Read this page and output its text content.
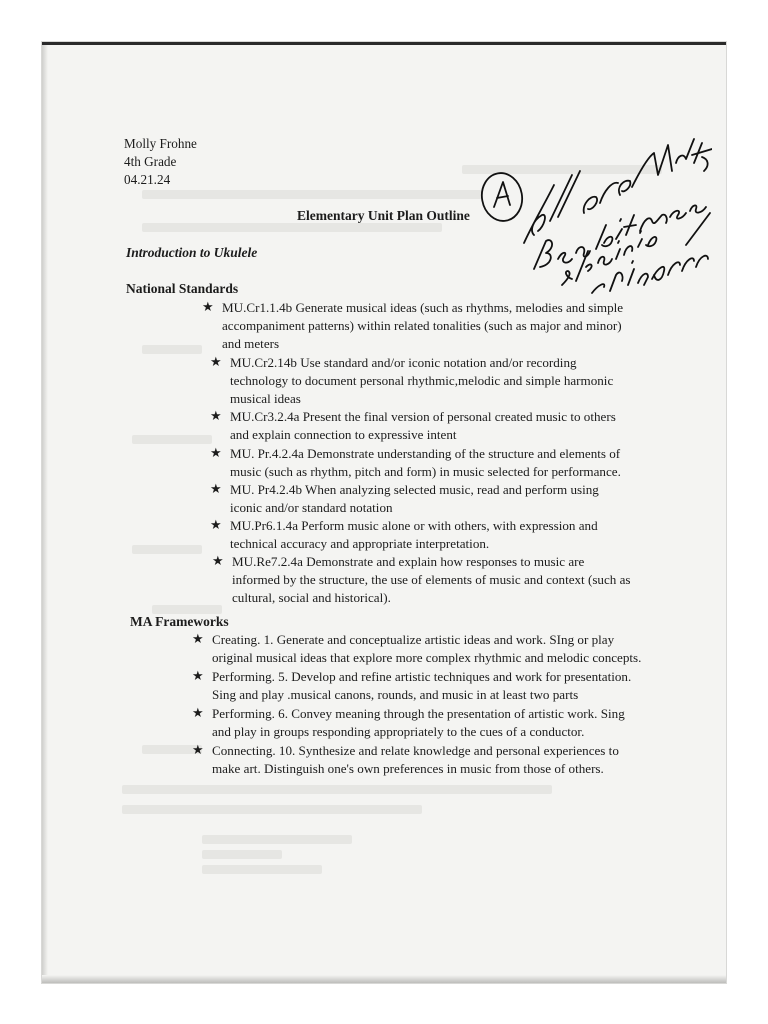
Molly Frohne
4th Grade
04.21.24
Elementary Unit Plan Outline
Introduction to Ukulele
National Standards
★ MU.Cr1.1.4b Generate musical ideas (such as rhythms, melodies and simple accompaniment patterns) within related tonalities (such as major and minor) and meters
★ MU.Cr2.14b Use standard and/or iconic notation and/or recording technology to document personal rhythmic,melodic and simple harmonic musical ideas
★ MU.Cr3.2.4a Present the final version of personal created music to others and explain connection to expressive intent
★ MU. Pr.4.2.4a Demonstrate understanding of the structure and elements of music (such as rhythm, pitch and form) in music selected for performance.
★ MU. Pr4.2.4b When analyzing selected music, read and perform using iconic and/or standard notation
★ MU.Pr6.1.4a Perform music alone or with others, with expression and technical accuracy and appropriate interpretation.
★ MU.Re7.2.4a Demonstrate and explain how responses to music are informed by the structure, the use of elements of music and context (such as cultural, social and historical).
MA Frameworks
★ Creating. 1. Generate and conceptualize artistic ideas and work. SIng or play original musical ideas that explore more complex rhythmic and melodic concepts.
★ Performing. 5. Develop and refine artistic techniques and work for presentation. Sing and play .musical canons, rounds, and music in at least two parts
★ Performing. 6. Convey meaning through the presentation of artistic work. Sing and play in groups responding appropriately to the cues of a conductor.
★ Connecting. 10. Synthesize and relate knowledge and personal experiences to make art. Distinguish one's own preferences in music from those of others.
